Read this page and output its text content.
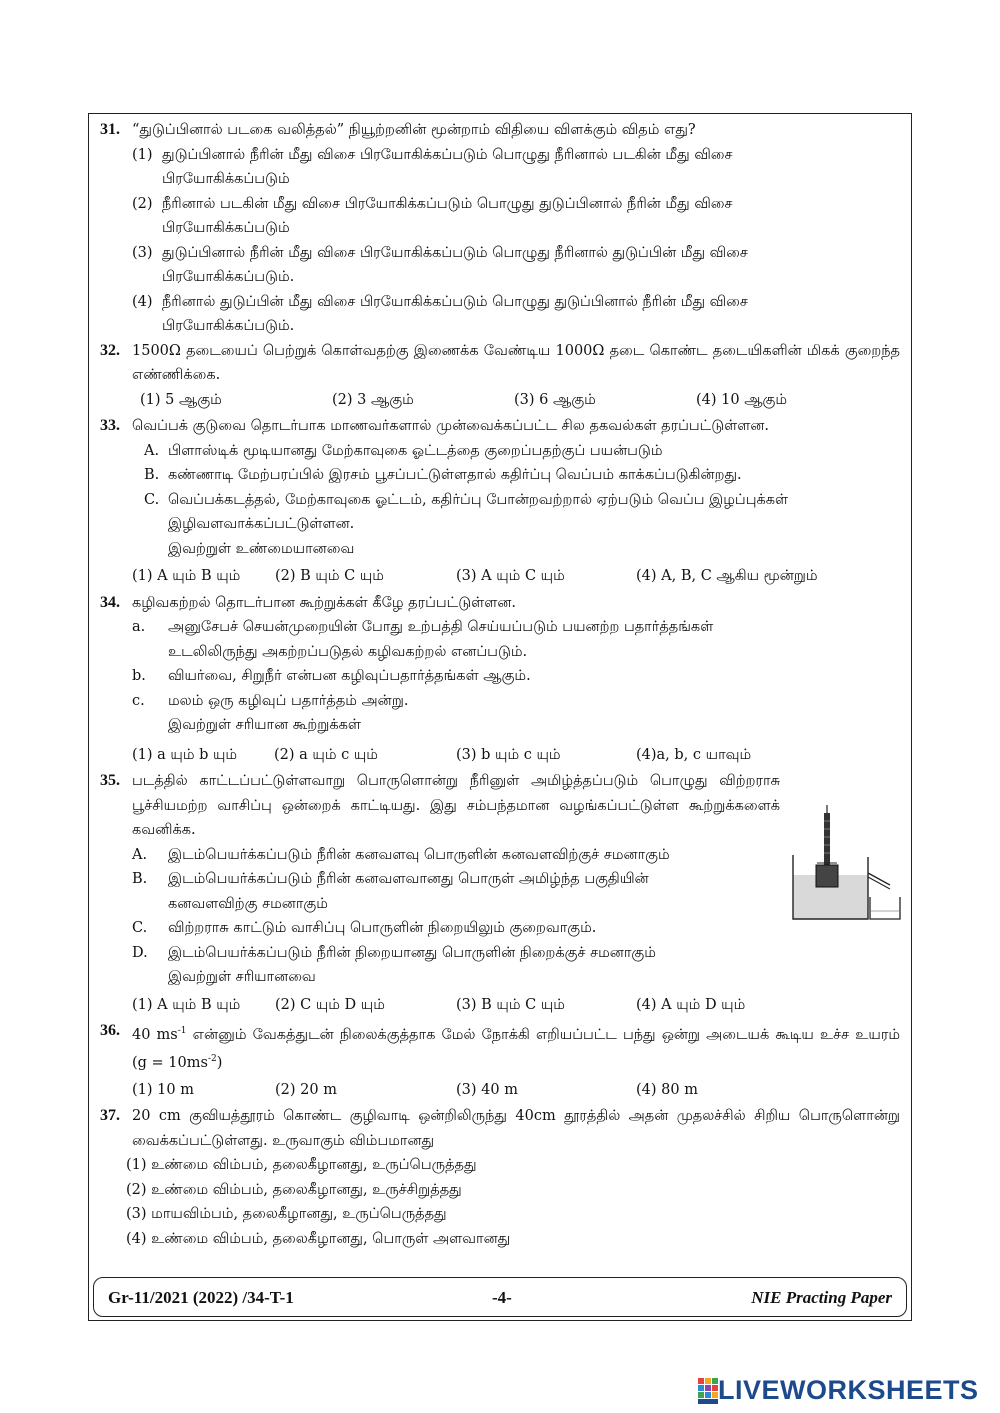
31. “துடுப்பினால் படகை வலித்தல்” நியூற்றனின் மூன்றாம் விதியை விளக்கும் விதம் எது?
(1) துடுப்பினால் நீரின் மீது விசை பிரயோகிக்கப்படும் பொழுது நீரினால் படகின் மீது விசை
பிரயோகிக்கப்படும்
(2) நீரினால் படகின் மீது விசை பிரயோகிக்கப்படும் பொழுது துடுப்பினால் நீரின் மீது விசை
பிரயோகிக்கப்படும்
(3) துடுப்பினால் நீரின் மீது விசை பிரயோகிக்கப்படும் பொழுது நீரினால் துடுப்பின் மீது விசை
பிரயோகிக்கப்படும்.
(4) நீரினால் துடுப்பின் மீது விசை பிரயோகிக்கப்படும் பொழுது துடுப்பினால் நீரின் மீது விசை
பிரயோகிக்கப்படும்.
32. 1500Ω தடையைப் பெற்றுக் கொள்வதற்கு இணைக்க வேண்டிய 1000Ω தடை கொண்ட தடையிகளின் மிகக் குறைந்த எண்ணிக்கை.
(1) 5 ஆகும்	(2) 3 ஆகும்	(3) 6 ஆகும்	(4) 10 ஆகும்
33. வெப்பக் குடுவை தொடர்பாக மாணவர்களால் முன்வைக்கப்பட்ட சில தகவல்கள் தரப்பட்டுள்ளன.
A. பிளாஸ்டிக் மூடியானது மேற்காவுகை ஓட்டத்தை குறைப்பதற்குப் பயன்படும்
B. கண்ணாடி மேற்பரப்பில் இரசம் பூசப்பட்டுள்ளதால் கதிர்ப்பு வெப்பம் காக்கப்படுகின்றது.
C. வெப்பக்கடத்தல், மேற்காவுகை ஓட்டம், கதிர்ப்பு போன்றவற்றால் ஏற்படும் வெப்ப இழப்புக்கள்
இழிவளவாக்கப்பட்டுள்ளன.
இவற்றுள் உண்மையானவை
(1) A யும் B யும்	(2) B யும் C யும்	(3) A யும் C யும்	(4) A, B, C ஆகிய மூன்றும்
34. கழிவகற்றல் தொடர்பான கூற்றுக்கள் கீழே தரப்பட்டுள்ளன.
a. அனுசேபச் செயன்முறையின் போது உற்பத்தி செய்யப்படும் பயனற்ற பதார்த்தங்கள்
உடலிலிருந்து அகற்றப்படுதல் கழிவகற்றல் எனப்படும்.
b. வியர்வை, சிறுநீர் என்பன கழிவுப்பதார்த்தங்கள் ஆகும்.
c. மலம் ஒரு கழிவுப் பதார்த்தம் அன்று.
இவற்றுள் சரியான கூற்றுக்கள்
(1) a யும் b யும்	(2) a யும் c யும்	(3) b யும் c யும்	(4)a, b, c யாவும்
35. படத்தில் காட்டப்பட்டுள்ளவாறு பொருளொன்று நீரினுள் அமிழ்த்தப்படும் பொழுது விற்றராசு பூச்சியமற்ற வாசிப்பு ஒன்றைக் காட்டியது. இது சம்பந்தமான வழங்கப்பட்டுள்ள கூற்றுக்களைக் கவனிக்க.
A. இடம்பெயர்க்கப்படும் நீரின் கனவளவு பொருளின் கனவளவிற்குச் சமனாகும்
B. இடம்பெயர்க்கப்படும் நீரின் கனவளவானது பொருள் அமிழ்ந்த பகுதியின்
கனவளவிற்கு சமனாகும்
C. விற்றராசு காட்டும் வாசிப்பு பொருளின் நிறையிலும் குறைவாகும்.
D. இடம்பெயர்க்கப்படும் நீரின் நிறையானது பொருளின் நிறைக்குச் சமனாகும்
இவற்றுள் சரியானவை
(1) A யும் B யும்	(2) C யும் D யும்	(3) B யும் C யும்	(4) A யும் D யும்
36. 40 $ms^{-1}$ என்னும் வேகத்துடன் நிலைக்குத்தாக மேல் நோக்கி எறியப்பட்ட பந்து ஒன்று அடையக் கூடிய உச்ச உயரம் $(g = 10ms^{-2})$
(1) 10 m	(2) 20 m	(3) 40 m	(4) 80 m
37. 20 cm குவியத்தூரம் கொண்ட குழிவாடி ஒன்றிலிருந்து 40cm தூரத்தில் அதன் முதலச்சில் சிறிய பொருளொன்று வைக்கப்பட்டுள்ளது. உருவாகும் விம்பமானது
(1) உண்மை விம்பம், தலைகீழானது, உருப்பெருத்தது
(2) உண்மை விம்பம், தலைகீழானது, உருச்சிறுத்தது
(3) மாயவிம்பம், தலைகீழானது, உருப்பெருத்தது
(4) உண்மை விம்பம், தலைகீழானது, பொருள் அளவானது
Gr-11/2021 (2022) /34-T-1	-4-	NIE Practing Paper
LIVEWORKSHEETS
